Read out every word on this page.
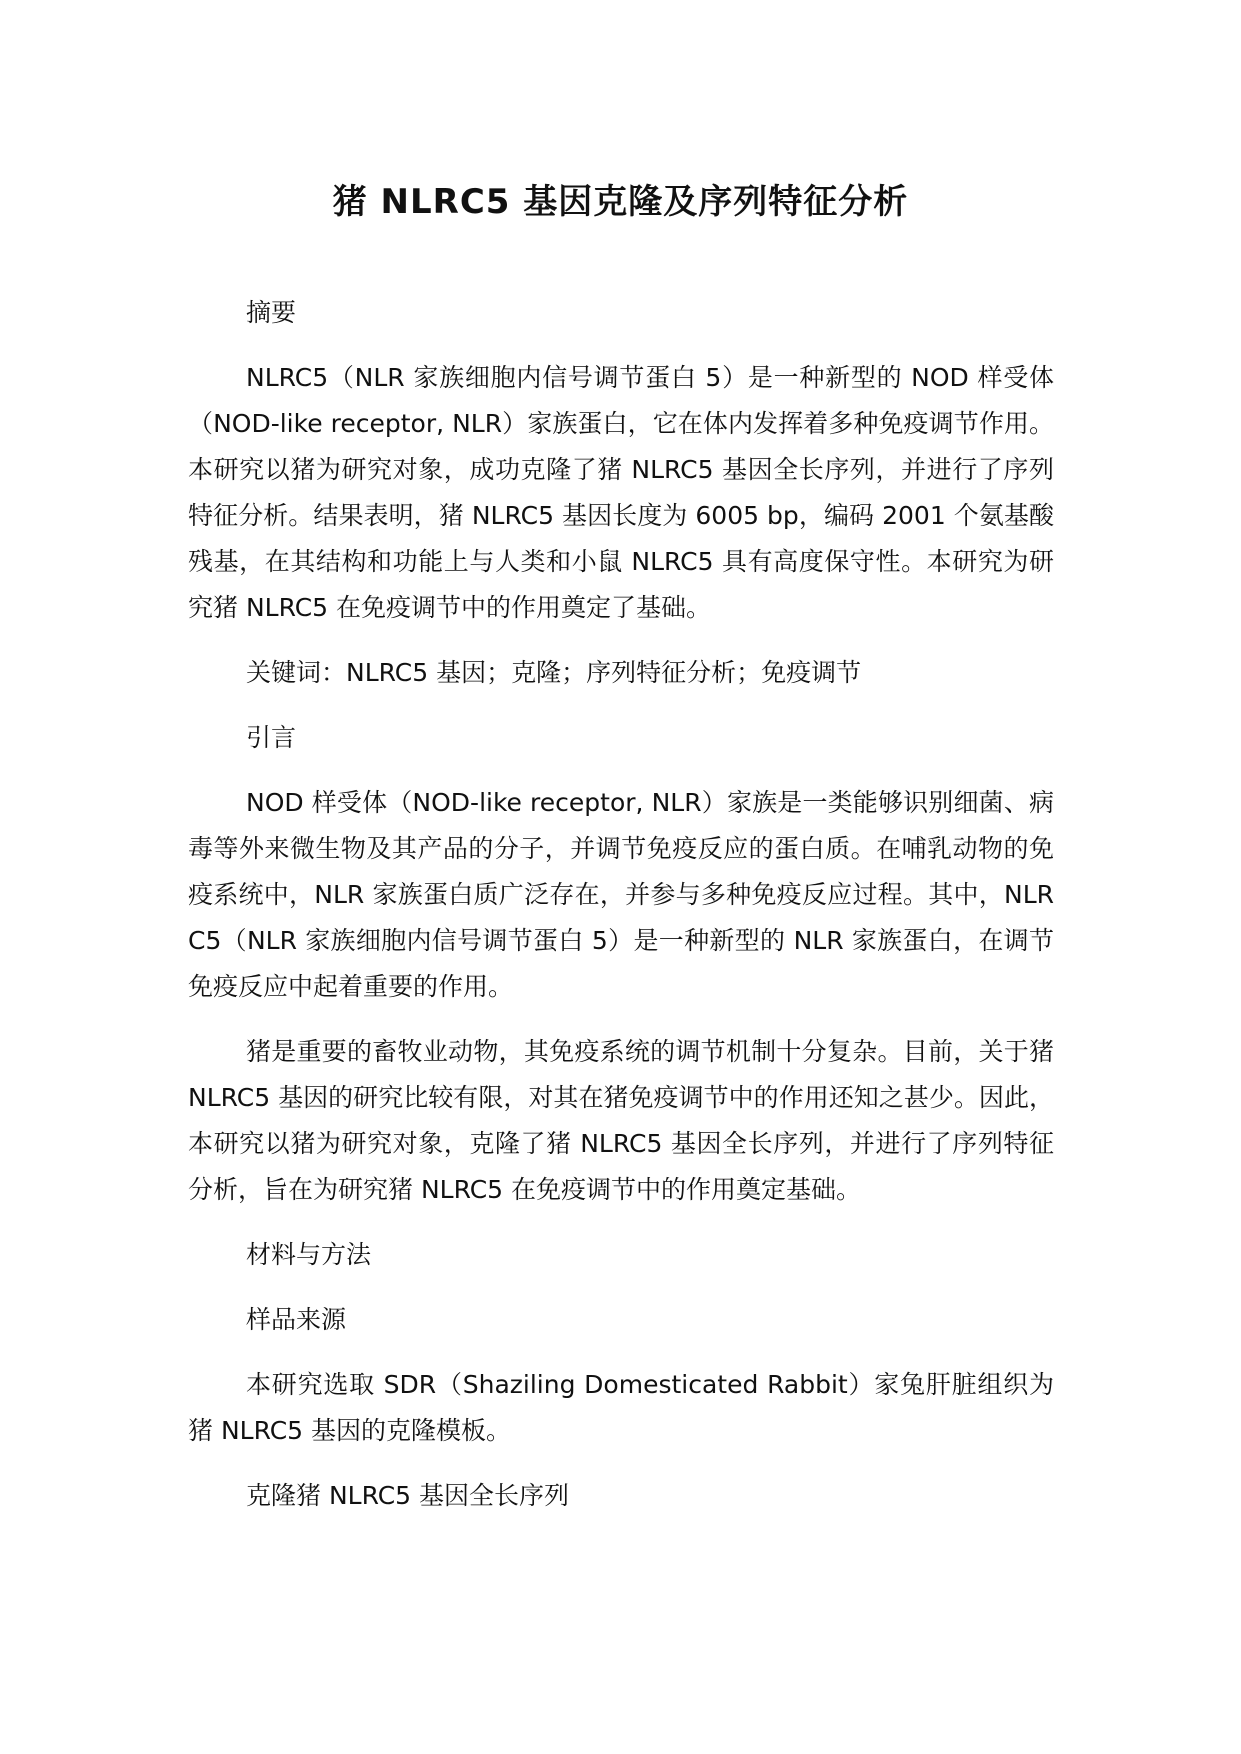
猪 NLRC5 基因克隆及序列特征分析

摘要

NLRC5（NLR 家族细胞内信号调节蛋白 5）是一种新型的 NOD 样受体（NOD-like receptor, NLR）家族蛋白，它在体内发挥着多种免疫调节作用。本研究以猪为研究对象，成功克隆了猪 NLRC5 基因全长序列，并进行了序列特征分析。结果表明，猪 NLRC5 基因长度为 6005 bp，编码 2001 个氨基酸残基，在其结构和功能上与人类和小鼠 NLRC5 具有高度保守性。本研究为研究猪 NLRC5 在免疫调节中的作用奠定了基础。

关键词：NLRC5 基因；克隆；序列特征分析；免疫调节

引言

NOD 样受体（NOD-like receptor, NLR）家族是一类能够识别细菌、病毒等外来微生物及其产品的分子，并调节免疫反应的蛋白质。在哺乳动物的免疫系统中，NLR 家族蛋白质广泛存在，并参与多种免疫反应过程。其中，NLRC5（NLR 家族细胞内信号调节蛋白 5）是一种新型的 NLR 家族蛋白，在调节免疫反应中起着重要的作用。

猪是重要的畜牧业动物，其免疫系统的调节机制十分复杂。目前，关于猪 NLRC5 基因的研究比较有限，对其在猪免疫调节中的作用还知之甚少。因此，本研究以猪为研究对象，克隆了猪 NLRC5 基因全长序列，并进行了序列特征分析，旨在为研究猪 NLRC5 在免疫调节中的作用奠定基础。

材料与方法

样品来源

本研究选取 SDR（Shaziling Domesticated Rabbit）家兔肝脏组织为猪 NLRC5 基因的克隆模板。

克隆猪 NLRC5 基因全长序列
